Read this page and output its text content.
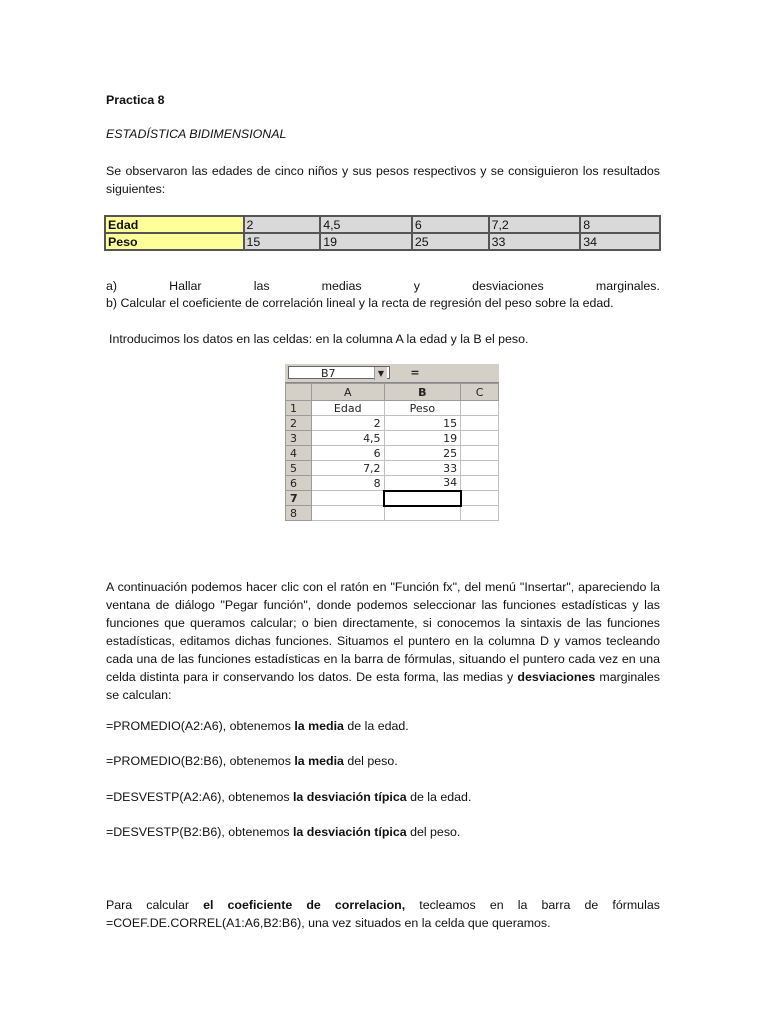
Practica 8
ESTADÍSTICA BIDIMENSIONAL
Se observaron las edades de cinco niños y sus pesos respectivos y se consiguieron los resultados siguientes:
Edad	2	4,5	6	7,2	8
Peso	15	19	25	33	34
a)	Hallar	las	medias	y	desviaciones	marginales.
b) Calcular el coeficiente de correlación lineal y la recta de regresión del peso sobre la edad.
Introducimos los datos en las celdas: en la columna A la edad y la B el peso.
B7	▼	=
	A	B	C
1	Edad	Peso	
2	2	15	
3	4,5	19	
4	6	25	
5	7,2	33	
6	8	34	
7			
8			
A continuación podemos hacer clic con el ratón en "Función fx", del menú "Insertar", apareciendo la ventana de diálogo "Pegar función", donde podemos seleccionar las funciones estadísticas y las funciones que queramos calcular; o bien directamente, si conocemos la sintaxis de las funciones estadísticas, editamos dichas funciones. Situamos el puntero en la columna D y vamos tecleando cada una de las funciones estadísticas en la barra de fórmulas, situando el puntero cada vez en una celda distinta para ir conservando los datos. De esta forma, las medias y desviaciones marginales se calculan:
=PROMEDIO(A2:A6), obtenemos la media de la edad.
=PROMEDIO(B2:B6), obtenemos la media del peso.
=DESVESTP(A2:A6), obtenemos la desviación típica de la edad.
=DESVESTP(B2:B6), obtenemos la desviación típica del peso.
Para calcular el coeficiente de correlacion, tecleamos en la barra de fórmulas
=COEF.DE.CORREL(A1:A6,B2:B6), una vez situados en la celda que queramos.
